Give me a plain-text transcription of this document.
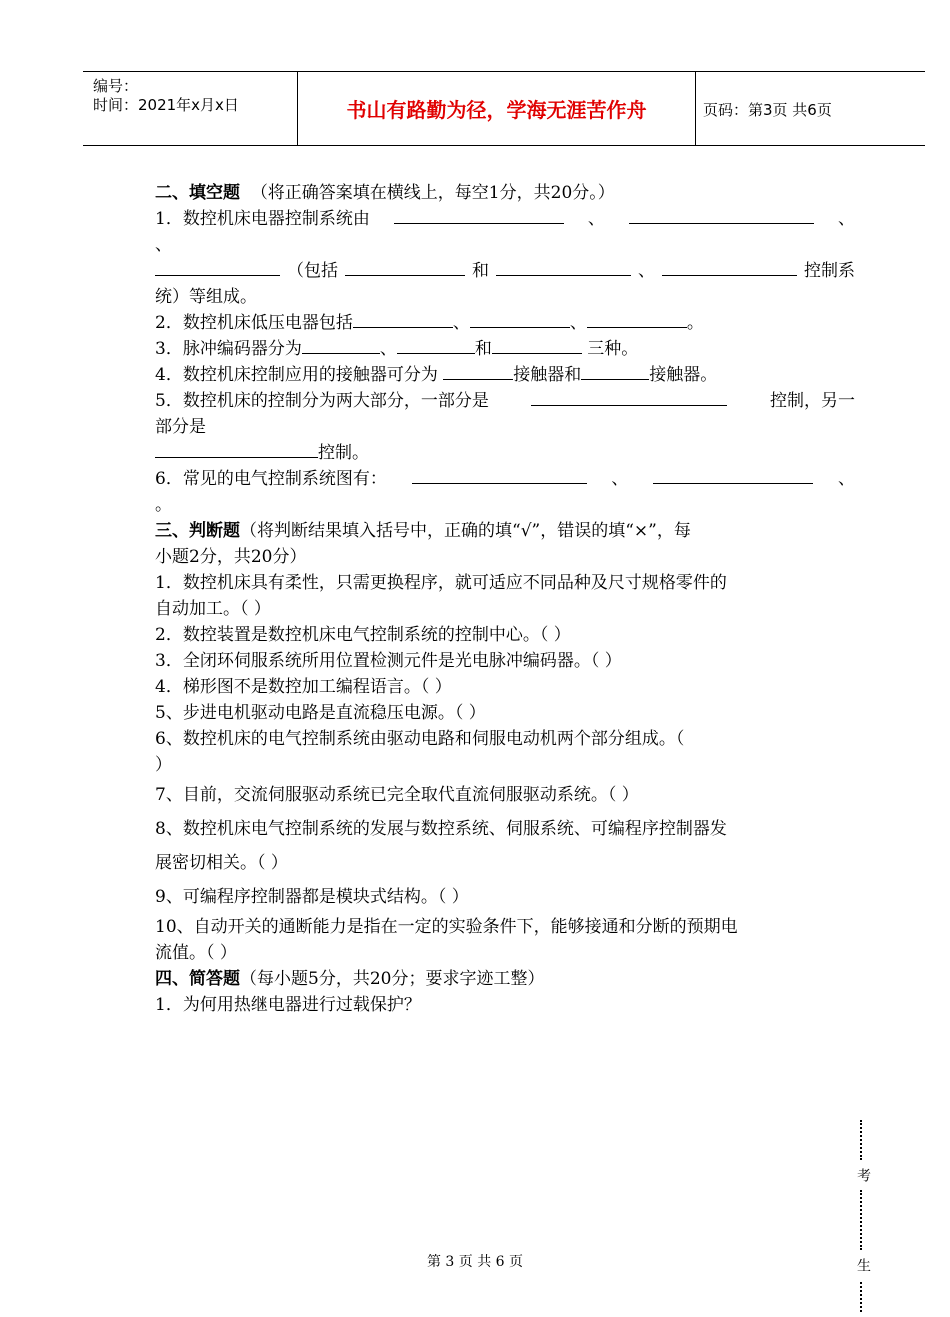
编号：
时间：2021年x月x日	书山有路勤为径，学海无涯苦作舟	页码：第3页 共6页
二、填空题 （将正确答案填在横线上，每空1分，共20分。）
1．数控机床电器控制系统由	、	、
、
（包括	和	、	控制系
统）等组成。
2．数控机床低压电器包括	、	、	。
3．脉冲编码器分为	、	和	三种。
4．数控机床控制应用的接触器可分为	接触器和	接触器。
5．数控机床的控制分为两大部分，一部分是	控制，另一
部分是
控制。
6．常见的电气控制系统图有：	、	、
。
三、判断题（将判断结果填入括号中，正确的填“√”，错误的填“×”，每
小题2分，共20分）
1．数控机床具有柔性，只需更换程序，就可适应不同品种及尺寸规格零件的
自动加工。（ ）
2．数控装置是数控机床电气控制系统的控制中心。（ ）
3．全闭环伺服系统所用位置检测元件是光电脉冲编码器。（ ）
4．梯形图不是数控加工编程语言。（ ）
5、步进电机驱动电路是直流稳压电源。（ ）
6、数控机床的电气控制系统由驱动电路和伺服电动机两个部分组成。（
）
7、目前，交流伺服驱动系统已完全取代直流伺服驱动系统。（ ）
8、数控机床电气控制系统的发展与数控系统、伺服系统、可编程序控制器发
展密切相关。（ ）
9、可编程序控制器都是模块式结构。（ ）
10、自动开关的通断能力是指在一定的实验条件下，能够接通和分断的预期电
流值。（ ）
四、简答题（每小题5分，共20分；要求字迹工整）
1．为何用热继电器进行过载保护？
考
生
第 3 页 共 6 页
